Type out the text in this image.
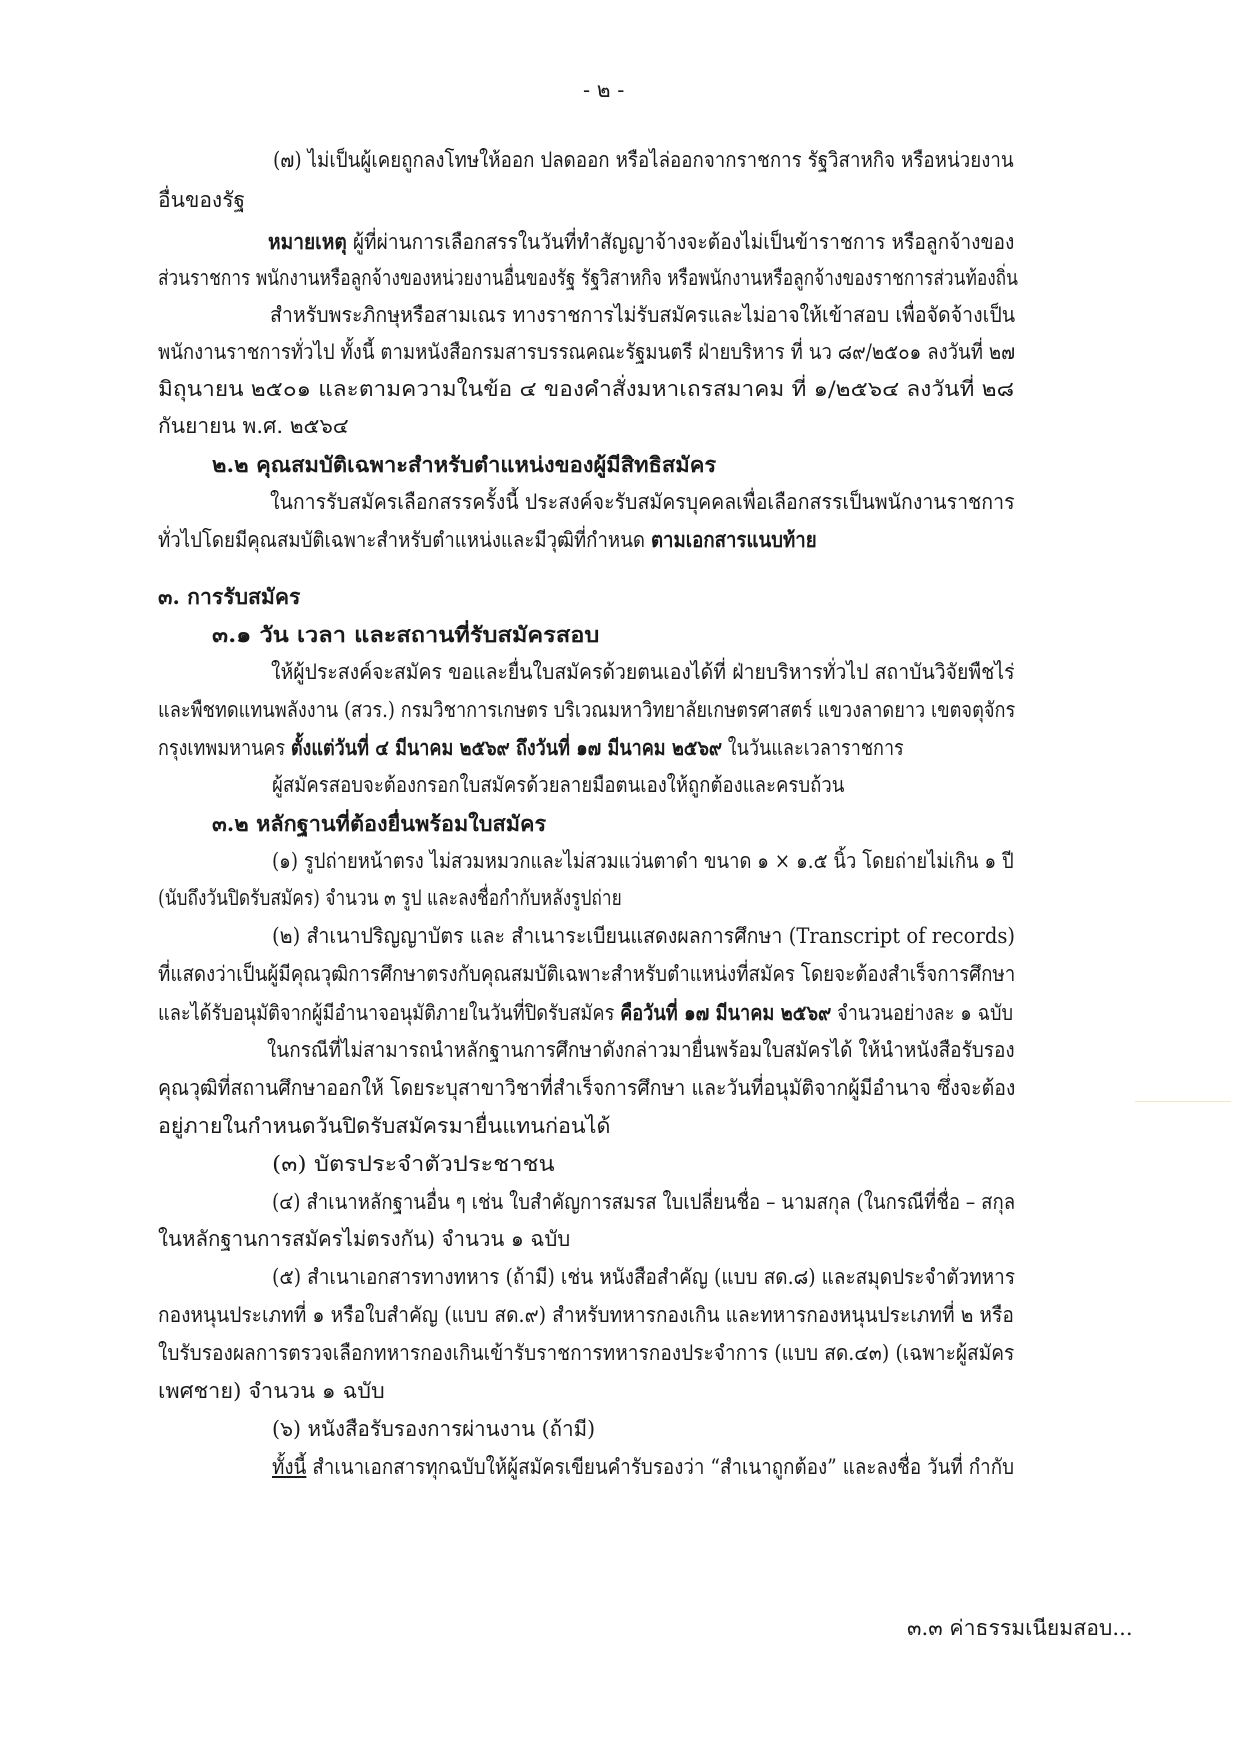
- ๒ -

(๗) ไม่เป็นผู้เคยถูกลงโทษให้ออก ปลดออก หรือไล่ออกจากราชการ รัฐวิสาหกิจ หรือหน่วยงาน

อื่นของรัฐ

หมายเหตุ ผู้ที่ผ่านการเลือกสรรในวันที่ทำสัญญาจ้างจะต้องไม่เป็นข้าราชการ หรือลูกจ้างของ

ส่วนราชการ พนักงานหรือลูกจ้างของหน่วยงานอื่นของรัฐ รัฐวิสาหกิจ หรือพนักงานหรือลูกจ้างของราชการส่วนท้องถิ่น

สำหรับพระภิกษุหรือสามเณร ทางราชการไม่รับสมัครและไม่อาจให้เข้าสอบ เพื่อจัดจ้างเป็น

พนักงานราชการทั่วไป ทั้งนี้ ตามหนังสือกรมสารบรรณคณะรัฐมนตรี ฝ่ายบริหาร ที่ นว ๘๙/๒๕๐๑ ลงวันที่ ๒๗

มิถุนายน ๒๕๐๑ และตามความในข้อ ๔ ของคำสั่งมหาเถรสมาคม ที่ ๑/๒๕๖๔ ลงวันที่ ๒๘

กันยายน พ.ศ. ๒๕๖๔

๒.๒ คุณสมบัติเฉพาะสำหรับตำแหน่งของผู้มีสิทธิสมัคร

ในการรับสมัครเลือกสรรครั้งนี้ ประสงค์จะรับสมัครบุคคลเพื่อเลือกสรรเป็นพนักงานราชการ

ทั่วไปโดยมีคุณสมบัติเฉพาะสำหรับตำแหน่งและมีวุฒิที่กำหนด ตามเอกสารแนบท้าย

๓. การรับสมัคร

๓.๑ วัน เวลา และสถานที่รับสมัครสอบ

ให้ผู้ประสงค์จะสมัคร ขอและยื่นใบสมัครด้วยตนเองได้ที่ ฝ่ายบริหารทั่วไป สถาบันวิจัยพืชไร่

และพืชทดแทนพลังงาน (สวร.) กรมวิชาการเกษตร บริเวณมหาวิทยาลัยเกษตรศาสตร์ แขวงลาดยาว เขตจตุจักร

กรุงเทพมหานคร ตั้งแต่วันที่ ๔ มีนาคม ๒๕๖๙ ถึงวันที่ ๑๗ มีนาคม ๒๕๖๙ ในวันและเวลาราชการ

ผู้สมัครสอบจะต้องกรอกใบสมัครด้วยลายมือตนเองให้ถูกต้องและครบถ้วน

๓.๒ หลักฐานที่ต้องยื่นพร้อมใบสมัคร

(๑) รูปถ่ายหน้าตรง ไม่สวมหมวกและไม่สวมแว่นตาดำ ขนาด ๑ × ๑.๕ นิ้ว โดยถ่ายไม่เกิน ๑ ปี

(นับถึงวันปิดรับสมัคร) จำนวน ๓ รูป และลงชื่อกำกับหลังรูปถ่าย

(๒) สำเนาปริญญาบัตร และ สำเนาระเบียนแสดงผลการศึกษา (Transcript of records)

ที่แสดงว่าเป็นผู้มีคุณวุฒิการศึกษาตรงกับคุณสมบัติเฉพาะสำหรับตำแหน่งที่สมัคร โดยจะต้องสำเร็จการศึกษา

และได้รับอนุมัติจากผู้มีอำนาจอนุมัติภายในวันที่ปิดรับสมัคร คือวันที่ ๑๗ มีนาคม ๒๕๖๙ จำนวนอย่างละ ๑ ฉบับ

ในกรณีที่ไม่สามารถนำหลักฐานการศึกษาดังกล่าวมายื่นพร้อมใบสมัครได้ ให้นำหนังสือรับรอง

คุณวุฒิที่สถานศึกษาออกให้ โดยระบุสาขาวิชาที่สำเร็จการศึกษา และวันที่อนุมัติจากผู้มีอำนาจ ซึ่งจะต้อง

อยู่ภายในกำหนดวันปิดรับสมัครมายื่นแทนก่อนได้

(๓) บัตรประจำตัวประชาชน

(๔) สำเนาหลักฐานอื่น ๆ เช่น ใบสำคัญการสมรส ใบเปลี่ยนชื่อ – นามสกุล (ในกรณีที่ชื่อ – สกุล

ในหลักฐานการสมัครไม่ตรงกัน) จำนวน ๑ ฉบับ

(๕) สำเนาเอกสารทางทหาร (ถ้ามี) เช่น หนังสือสำคัญ (แบบ สด.๘) และสมุดประจำตัวทหาร

กองหนุนประเภทที่ ๑ หรือใบสำคัญ (แบบ สด.๙) สำหรับทหารกองเกิน และทหารกองหนุนประเภทที่ ๒ หรือ

ใบรับรองผลการตรวจเลือกทหารกองเกินเข้ารับราชการทหารกองประจำการ (แบบ สด.๔๓) (เฉพาะผู้สมัคร

เพศชาย) จำนวน ๑ ฉบับ

(๖) หนังสือรับรองการผ่านงาน (ถ้ามี)

ทั้งนี้ สำเนาเอกสารทุกฉบับให้ผู้สมัครเขียนคำรับรองว่า “สำเนาถูกต้อง” และลงชื่อ วันที่ กำกับ

๓.๓ ค่าธรรมเนียมสอบ...
